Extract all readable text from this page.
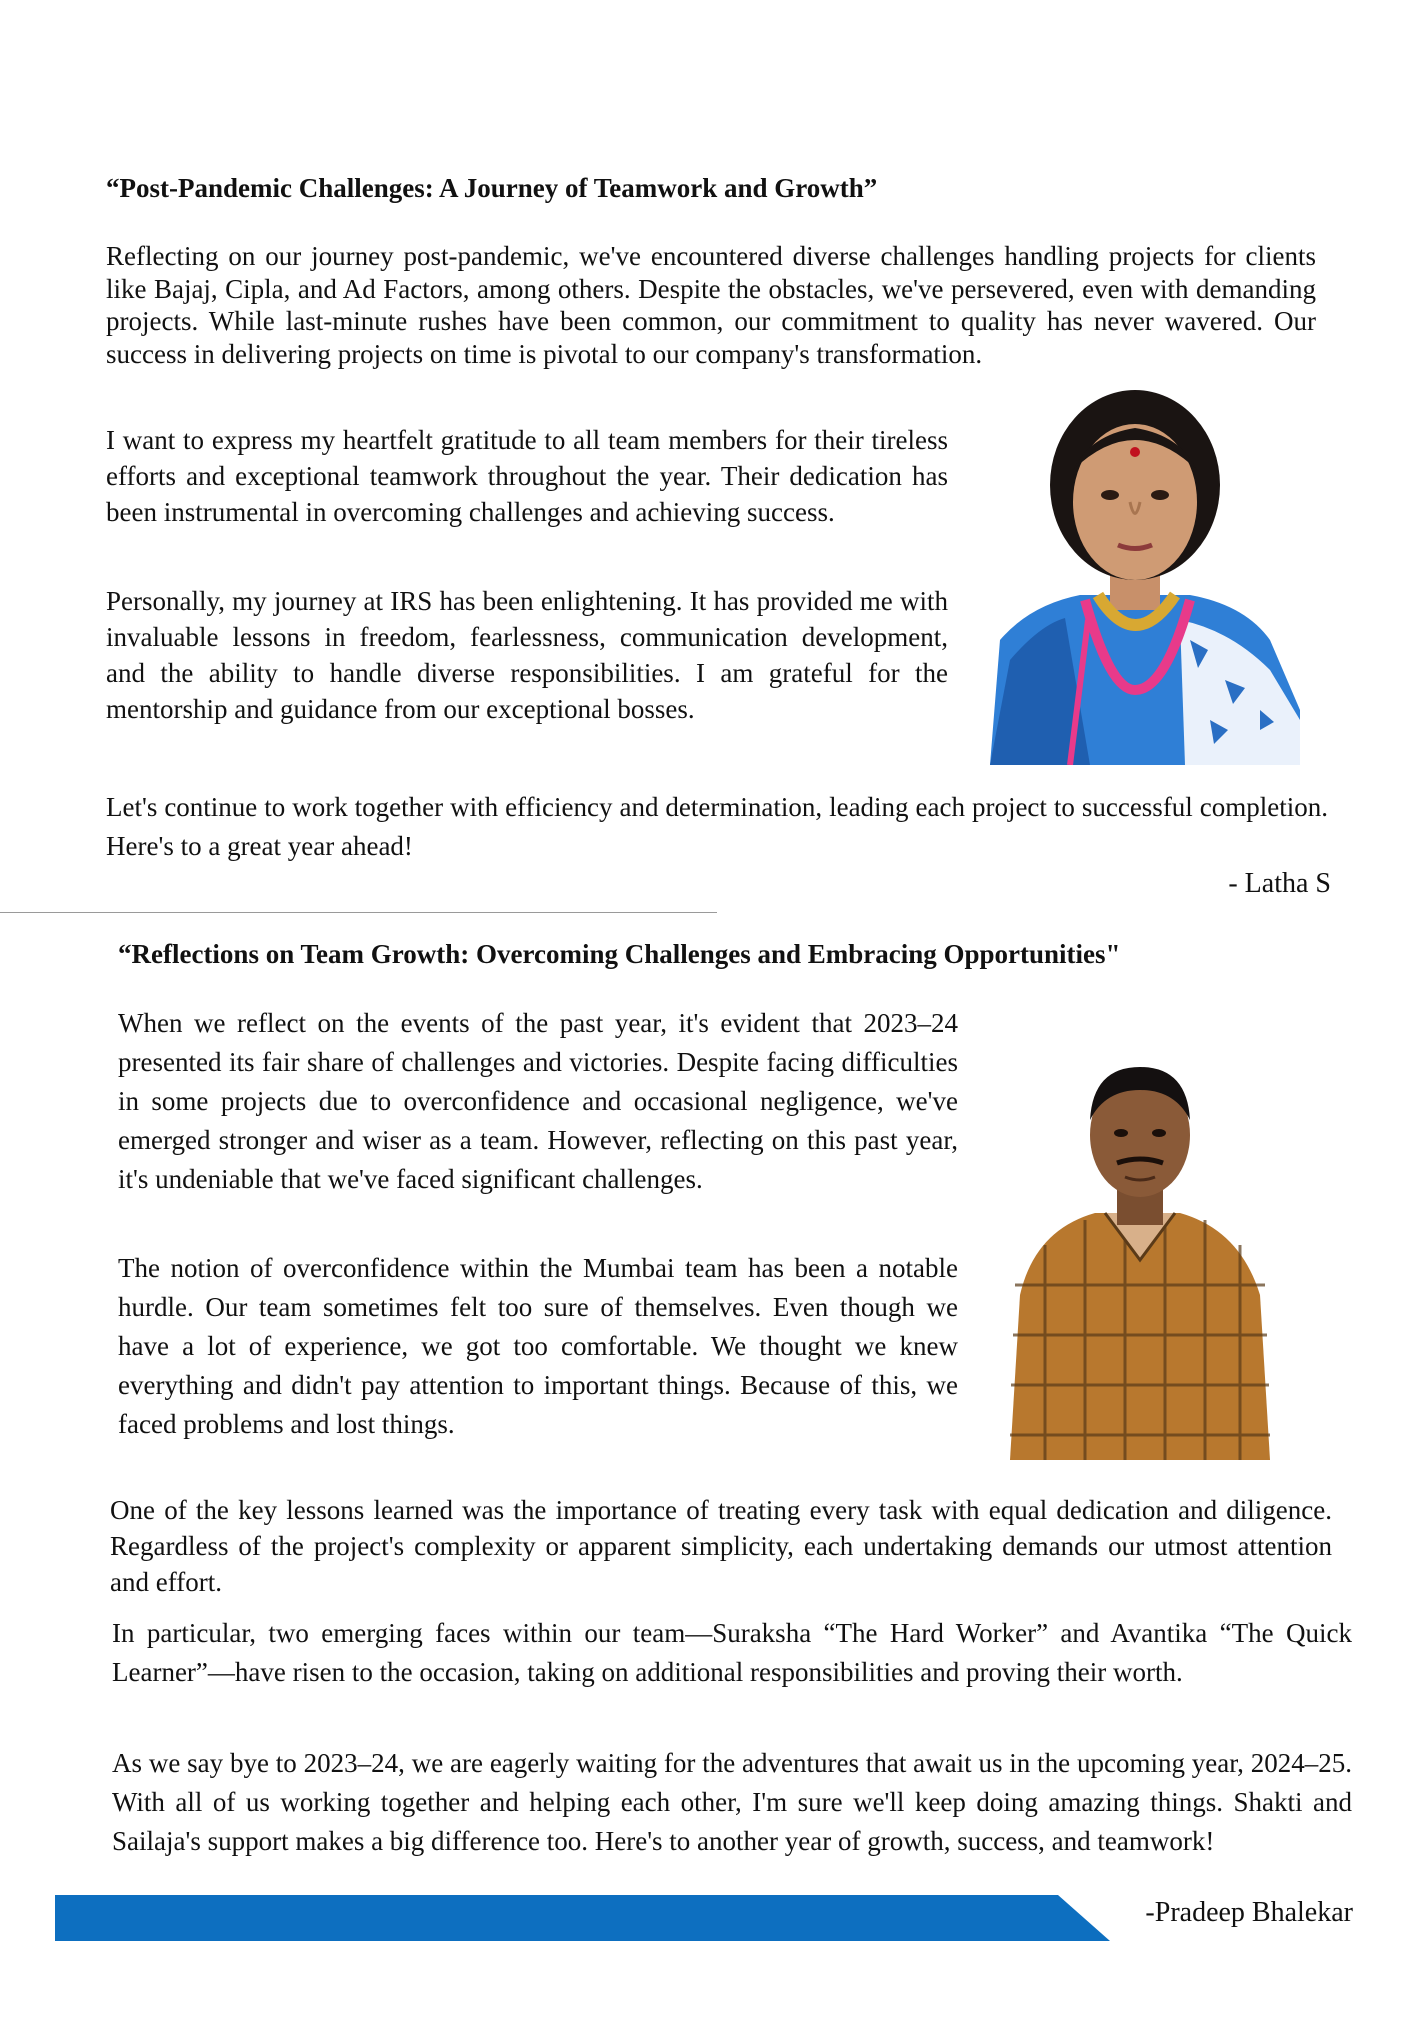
“Post-Pandemic Challenges: A Journey of Teamwork and Growth”

Reflecting on our journey post-pandemic, we've encountered diverse challenges handling projects for clients like Bajaj, Cipla, and Ad Factors, among others. Despite the obstacles, we've persevered, even with demanding projects. While last-minute rushes have been common, our commitment to quality has never wavered. Our success in delivering projects on time is pivotal to our company's transformation.

I want to express my heartfelt gratitude to all team members for their tireless efforts and exceptional teamwork throughout the year. Their dedication has been instrumental in overcoming challenges and achieving success.

Personally, my journey at IRS has been enlightening. It has provided me with invaluable lessons in freedom, fearlessness, communication development, and the ability to handle diverse responsibilities. I am grateful for the mentorship and guidance from our exceptional bosses.

Let's continue to work together with efficiency and determination, leading each project to successful completion. Here's to a great year ahead!

- Latha S

“Reflections on Team Growth: Overcoming Challenges and Embracing Opportunities"

When we reflect on the events of the past year, it's evident that 2023–24 presented its fair share of challenges and victories. Despite facing difficulties in some projects due to overconfidence and occasional negligence, we've emerged stronger and wiser as a team. However, reflecting on this past year, it's undeniable that we've faced significant challenges.

The notion of overconfidence within the Mumbai team has been a notable hurdle. Our team sometimes felt too sure of themselves. Even though we have a lot of experience, we got too comfortable. We thought we knew everything and didn't pay attention to important things. Because of this, we faced problems and lost things.

One of the key lessons learned was the importance of treating every task with equal dedication and diligence. Regardless of the project's complexity or apparent simplicity, each undertaking demands our utmost attention and effort.

In particular, two emerging faces within our team—Suraksha “The Hard Worker” and Avantika “The Quick Learner”—have risen to the occasion, taking on additional responsibilities and proving their worth.

As we say bye to 2023–24, we are eagerly waiting for the adventures that await us in the upcoming year, 2024–25. With all of us working together and helping each other, I'm sure we'll keep doing amazing things. Shakti and Sailaja's support makes a big difference too. Here's to another year of growth, success, and teamwork!

-Pradeep Bhalekar
